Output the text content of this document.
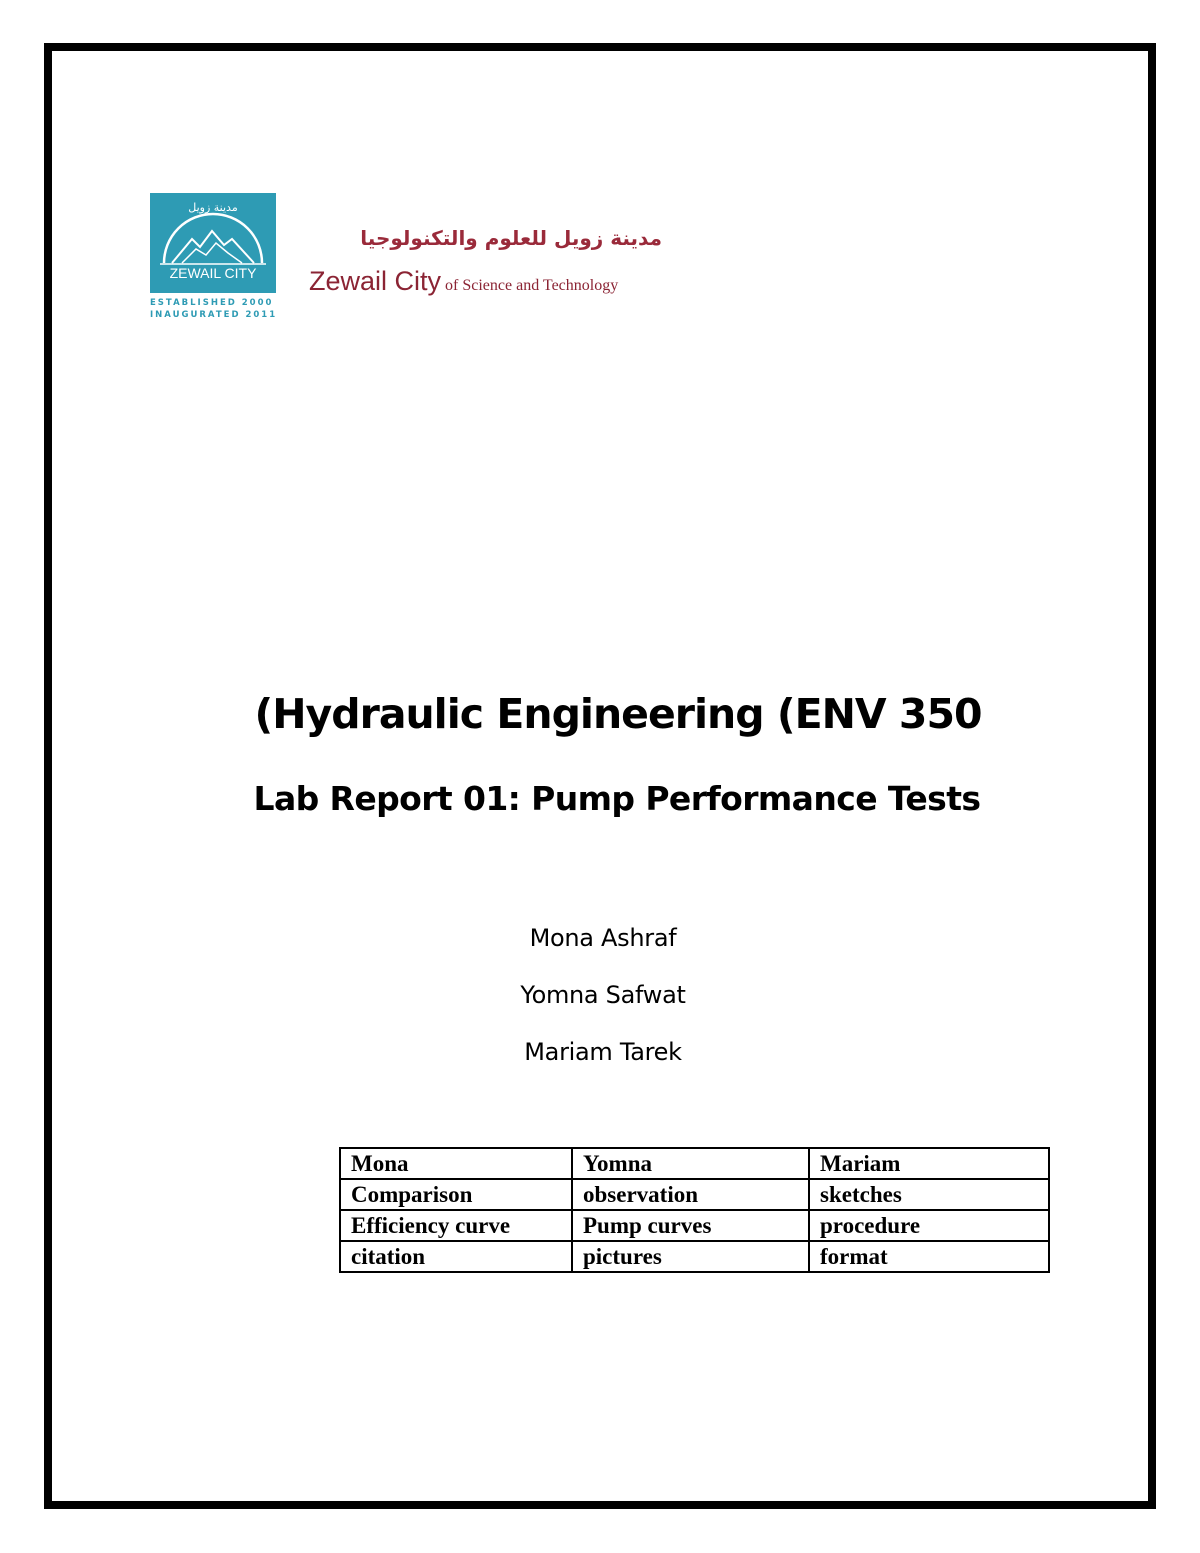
مدينة زويل
ZEWAIL CITY
ESTABLISHED 2000
INAUGURATED 2011
مدينة زويل للعلوم والتكنولوجيا
Zewail City of Science and Technology
(Hydraulic Engineering (ENV 350
Lab Report 01: Pump Performance Tests
Mona Ashraf
Yomna Safwat
Mariam Tarek
Mona	Yomna	Mariam
Comparison	observation	sketches
Efficiency curve	Pump curves	procedure
citation	pictures	format
